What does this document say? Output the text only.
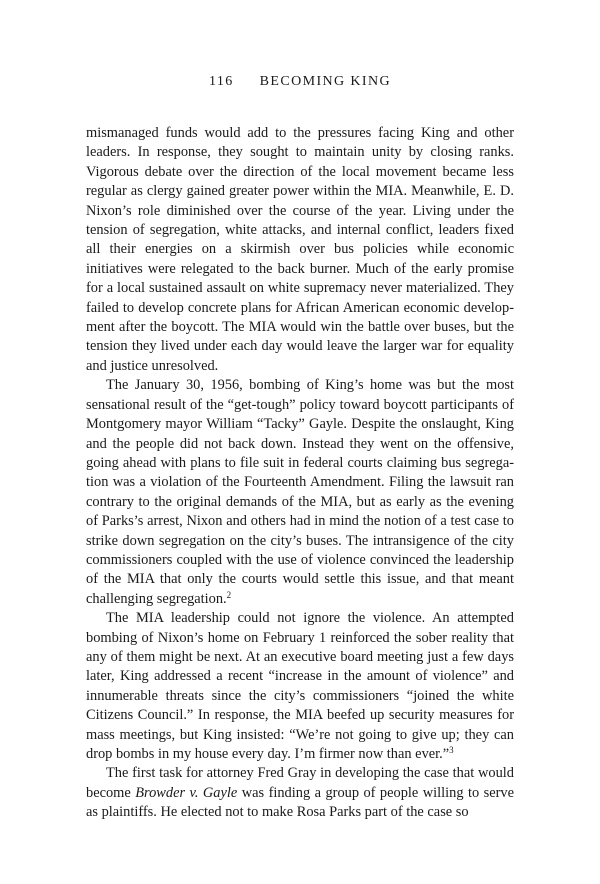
116 BECOMING KING

mismanaged funds would add to the pressures facing King and other leaders. In response, they sought to maintain unity by closing ranks. Vigorous debate over the direction of the local movement became less regular as clergy gained greater power within the MIA. Meanwhile, E. D. Nixon’s role diminished over the course of the year. Living under the tension of segregation, white attacks, and internal conflict, leaders fixed all their energies on a skirmish over bus policies while economic initiatives were relegated to the back burner. Much of the early promise for a local sustained assault on white supremacy never materialized. They failed to develop concrete plans for African American economic development after the boycott. The MIA would win the battle over buses, but the tension they lived under each day would leave the larger war for equality and justice unresolved.

The January 30, 1956, bombing of King’s home was but the most sensational result of the “get-tough” policy toward boycott participants of Montgomery mayor William “Tacky” Gayle. Despite the onslaught, King and the people did not back down. Instead they went on the offensive, going ahead with plans to file suit in federal courts claiming bus segregation was a violation of the Fourteenth Amendment. Filing the lawsuit ran contrary to the original demands of the MIA, but as early as the evening of Parks’s arrest, Nixon and others had in mind the notion of a test case to strike down segregation on the city’s buses. The intransigence of the city commissioners coupled with the use of violence convinced the leadership of the MIA that only the courts would settle this issue, and that meant challenging segregation.$^2$

The MIA leadership could not ignore the violence. An attempted bombing of Nixon’s home on February 1 reinforced the sober reality that any of them might be next. At an executive board meeting just a few days later, King addressed a recent “increase in the amount of violence” and innumerable threats since the city’s commissioners “joined the white Citizens Council.” In response, the MIA beefed up security measures for mass meetings, but King insisted: “We’re not going to give up; they can drop bombs in my house every day. I’m firmer now than ever.”$^3$

The first task for attorney Fred Gray in developing the case that would become Browder v. Gayle was finding a group of people willing to serve as plaintiffs. He elected not to make Rosa Parks part of the case so
